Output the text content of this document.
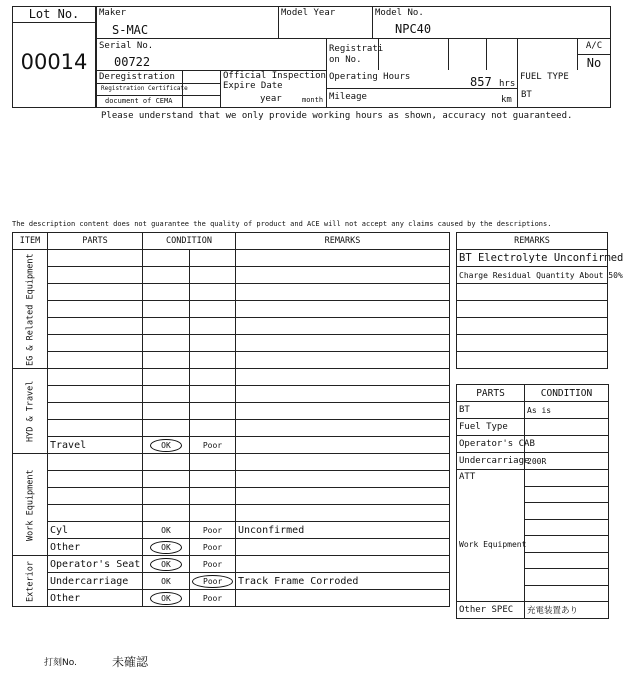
Lot No.
00014
Maker
S-MAC
Model Year	Model No.
NPC40
Serial No.
00722
Registrati
on No.
A/C
No
Deregistration
Registration Certificate
document of CEMA
Official Inspection
Expire Date
year	month
Operating Hours	857 hrs
Mileage	km
FUEL TYPE
BT
Please understand that we only provide working hours as shown, accuracy not guaranteed.
The description content does not guarantee the quality of product and ACE will not accept any claims caused by the descriptions.
ITEM	PARTS	CONDITION		REMARKS
EG & Related Equipment				

HYD & Travel				

	Travel	OK	Poor	
Work Equipment				

	Cyl	OK	Poor	Unconfirmed
	Other	OK	Poor	
Exterior	Operator's Seat	OK	Poor	
	Undercarriage	OK	Poor	Track Frame Corroded
	Other	OK	Poor	
REMARKS
BT Electrolyte Unconfirmed
Charge Residual Quantity About 50%

PARTS	CONDITION
BT	As is
Fuel Type	
Operator's CAB	
Undercarriage	200R

ATT
Work Equipment	

Other SPEC	充電装置あり
打刻No.	未確認
